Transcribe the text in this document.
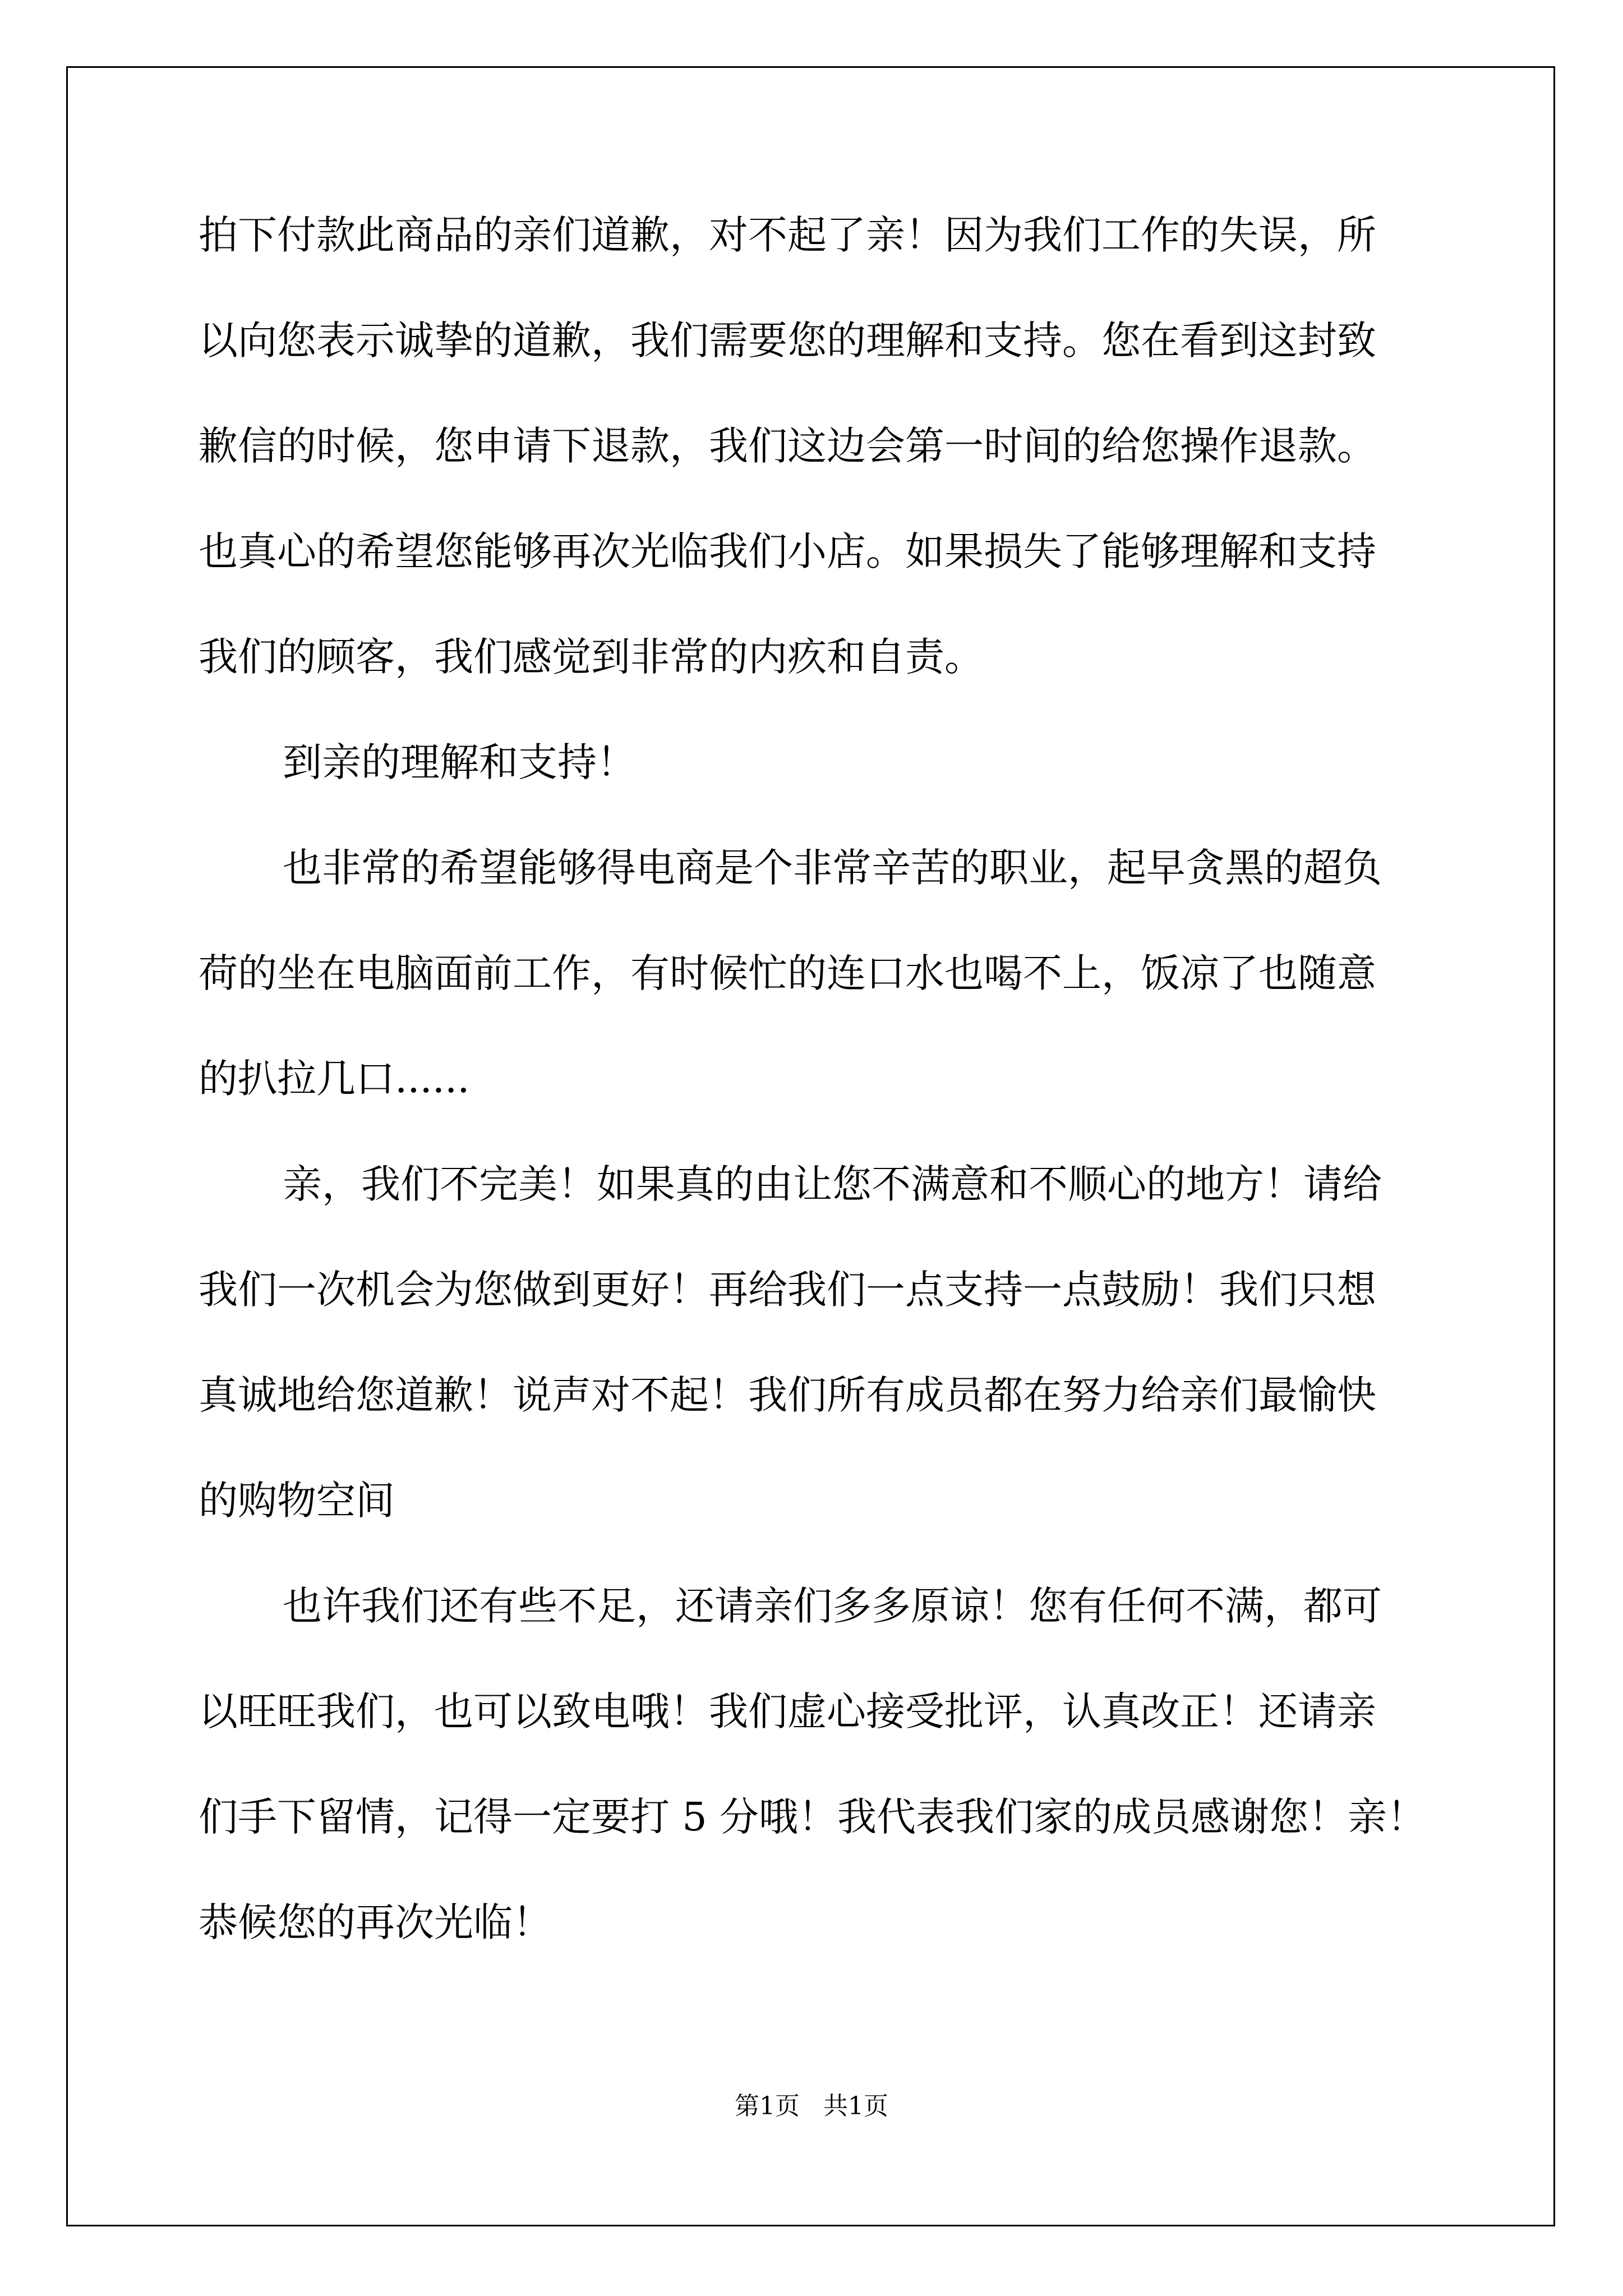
拍下付款此商品的亲们道歉，对不起了亲！因为我们工作的失误，所
以向您表示诚挚的道歉，我们需要您的理解和支持。您在看到这封致
歉信的时候，您申请下退款，我们这边会第一时间的给您操作退款。
也真心的希望您能够再次光临我们小店。如果损失了能够理解和支持
我们的顾客，我们感觉到非常的内疚和自责。
到亲的理解和支持！
也非常的希望能够得电商是个非常辛苦的职业，起早贪黑的超负
荷的坐在电脑面前工作，有时候忙的连口水也喝不上，饭凉了也随意
的扒拉几口......
亲，我们不完美！如果真的由让您不满意和不顺心的地方！请给
我们一次机会为您做到更好！再给我们一点支持一点鼓励！我们只想
真诚地给您道歉！说声对不起！我们所有成员都在努力给亲们最愉快
的购物空间
也许我们还有些不足，还请亲们多多原谅！您有任何不满，都可
以旺旺我们，也可以致电哦！我们虚心接受批评，认真改正！还请亲
们手下留情，记得一定要打 5 分哦！我代表我们家的成员感谢您！亲！
恭候您的再次光临！
第1页   共1页
